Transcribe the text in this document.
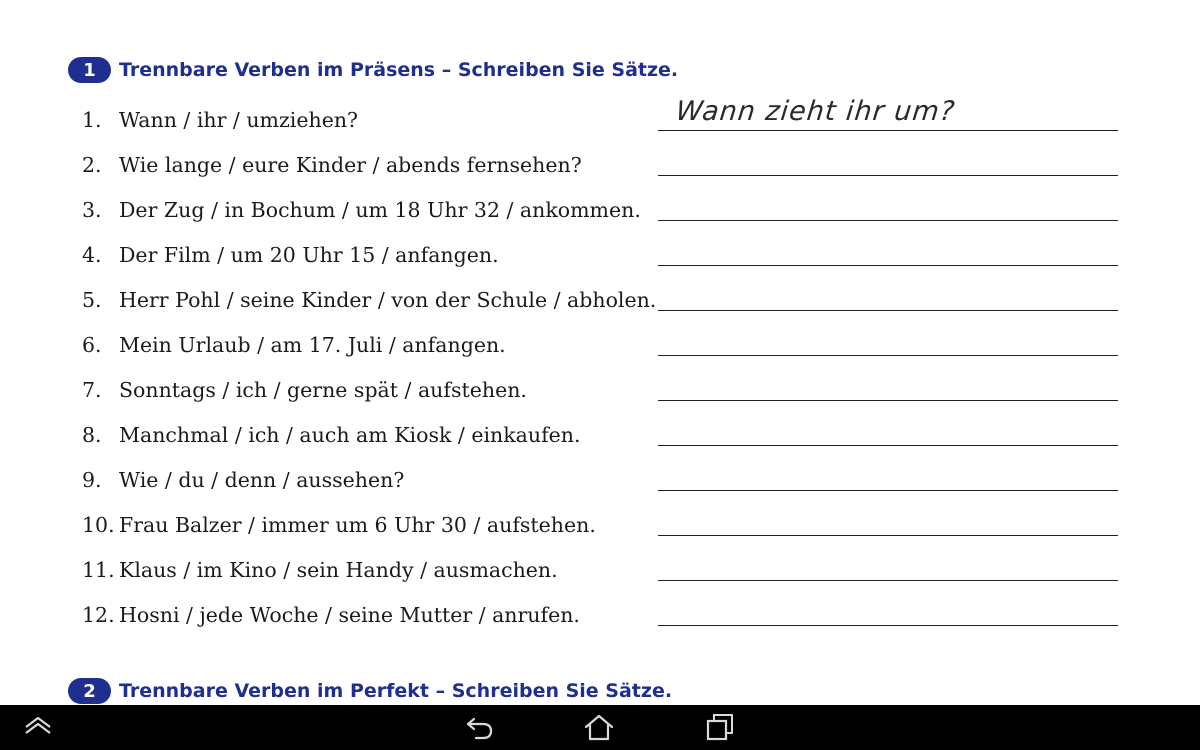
1	Trennbare Verben im Präsens – Schreiben Sie Sätze.
1. Wann / ihr / umziehen?	Wann zieht ihr um?
2. Wie lange / eure Kinder / abends fernsehen?
3. Der Zug / in Bochum / um 18 Uhr 32 / ankommen.
4. Der Film / um 20 Uhr 15 / anfangen.
5. Herr Pohl / seine Kinder / von der Schule / abholen.
6. Mein Urlaub / am 17. Juli / anfangen.
7. Sonntags / ich / gerne spät / aufstehen.
8. Manchmal / ich / auch am Kiosk / einkaufen.
9. Wie / du / denn / aussehen?
10. Frau Balzer / immer um 6 Uhr 30 / aufstehen.
11. Klaus / im Kino / sein Handy / ausmachen.
12. Hosni / jede Woche / seine Mutter / anrufen.
2	Trennbare Verben im Perfekt – Schreiben Sie Sätze.
